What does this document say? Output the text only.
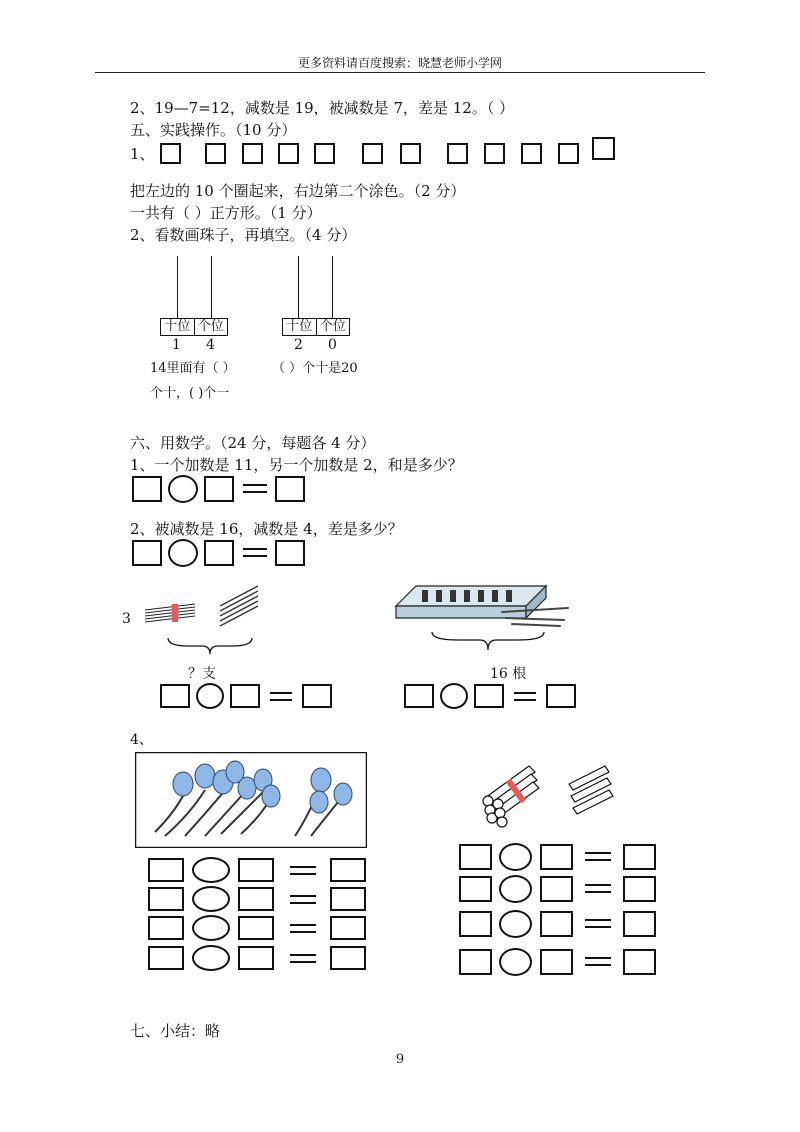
更多资料请百度搜索：晓慧老师小学网
2、19—7=12，减数是 19，被减数是 7，差是 12。（ ）
五、实践操作。（10 分）
1、
把左边的 10 个圈起来，右边第二个涂色。（2 分）
一共有（ ）正方形。（1 分）
2、看数画珠子，再填空。（4 分）
十位 个位
1 4
十位 个位
2 0
14里面有（ ）
个十，( )个一
（ ）个十是20
六、用数学。（24 分，每题各 4 分）
1、一个加数是 11，另一个加数是 2，和是多少？
2、被减数是 16，减数是 4，差是多少？
3
？支	16 根
4、
七、小结：略
9
